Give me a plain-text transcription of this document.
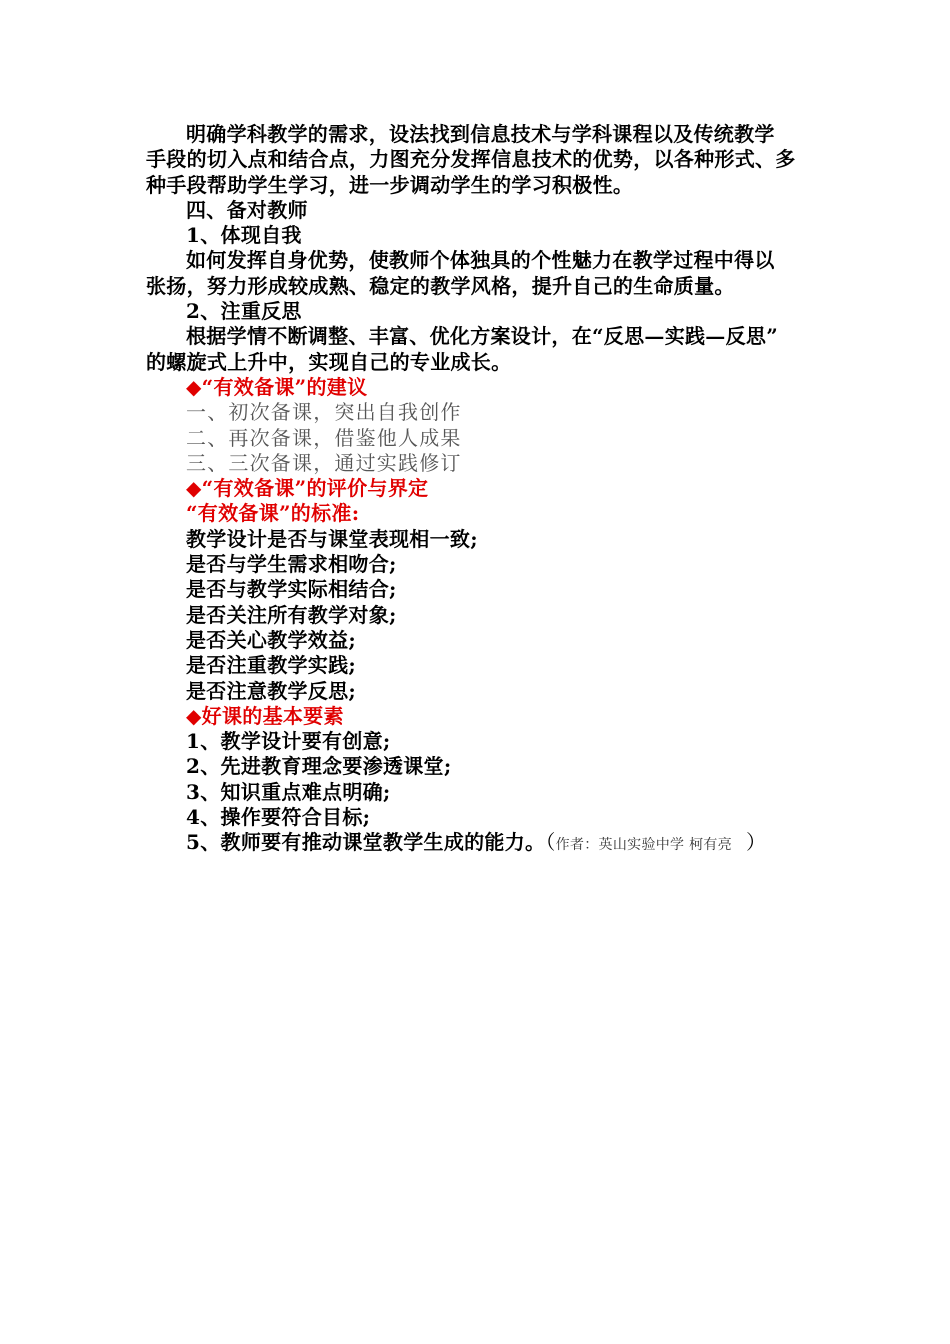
明确学科教学的需求，设法找到信息技术与学科课程以及传统教学
手段的切入点和结合点，力图充分发挥信息技术的优势，以各种形式、多
种手段帮助学生学习，进一步调动学生的学习积极性。
四、备对教师
1、体现自我
如何发挥自身优势，使教师个体独具的个性魅力在教学过程中得以
张扬，努力形成较成熟、稳定的教学风格，提升自己的生命质量。
2、注重反思
根据学情不断调整、丰富、优化方案设计，在“反思—实践—反思”
的螺旋式上升中，实现自己的专业成长。
◆“有效备课”的建议
一、初次备课，突出自我创作
二、再次备课，借鉴他人成果
三、三次备课，通过实践修订
◆“有效备课”的评价与界定
“有效备课”的标准:
教学设计是否与课堂表现相一致;
是否与学生需求相吻合;
是否与教学实际相结合;
是否关注所有教学对象;
是否关心教学效益;
是否注重教学实践;
是否注意教学反思;
◆好课的基本要素
1、教学设计要有创意;
2、先进教育理念要渗透课堂;
3、知识重点难点明确;
4、操作要符合目标;
5、教师要有推动课堂教学生成的能力。（作者：英山实验中学 柯有亮 ）
